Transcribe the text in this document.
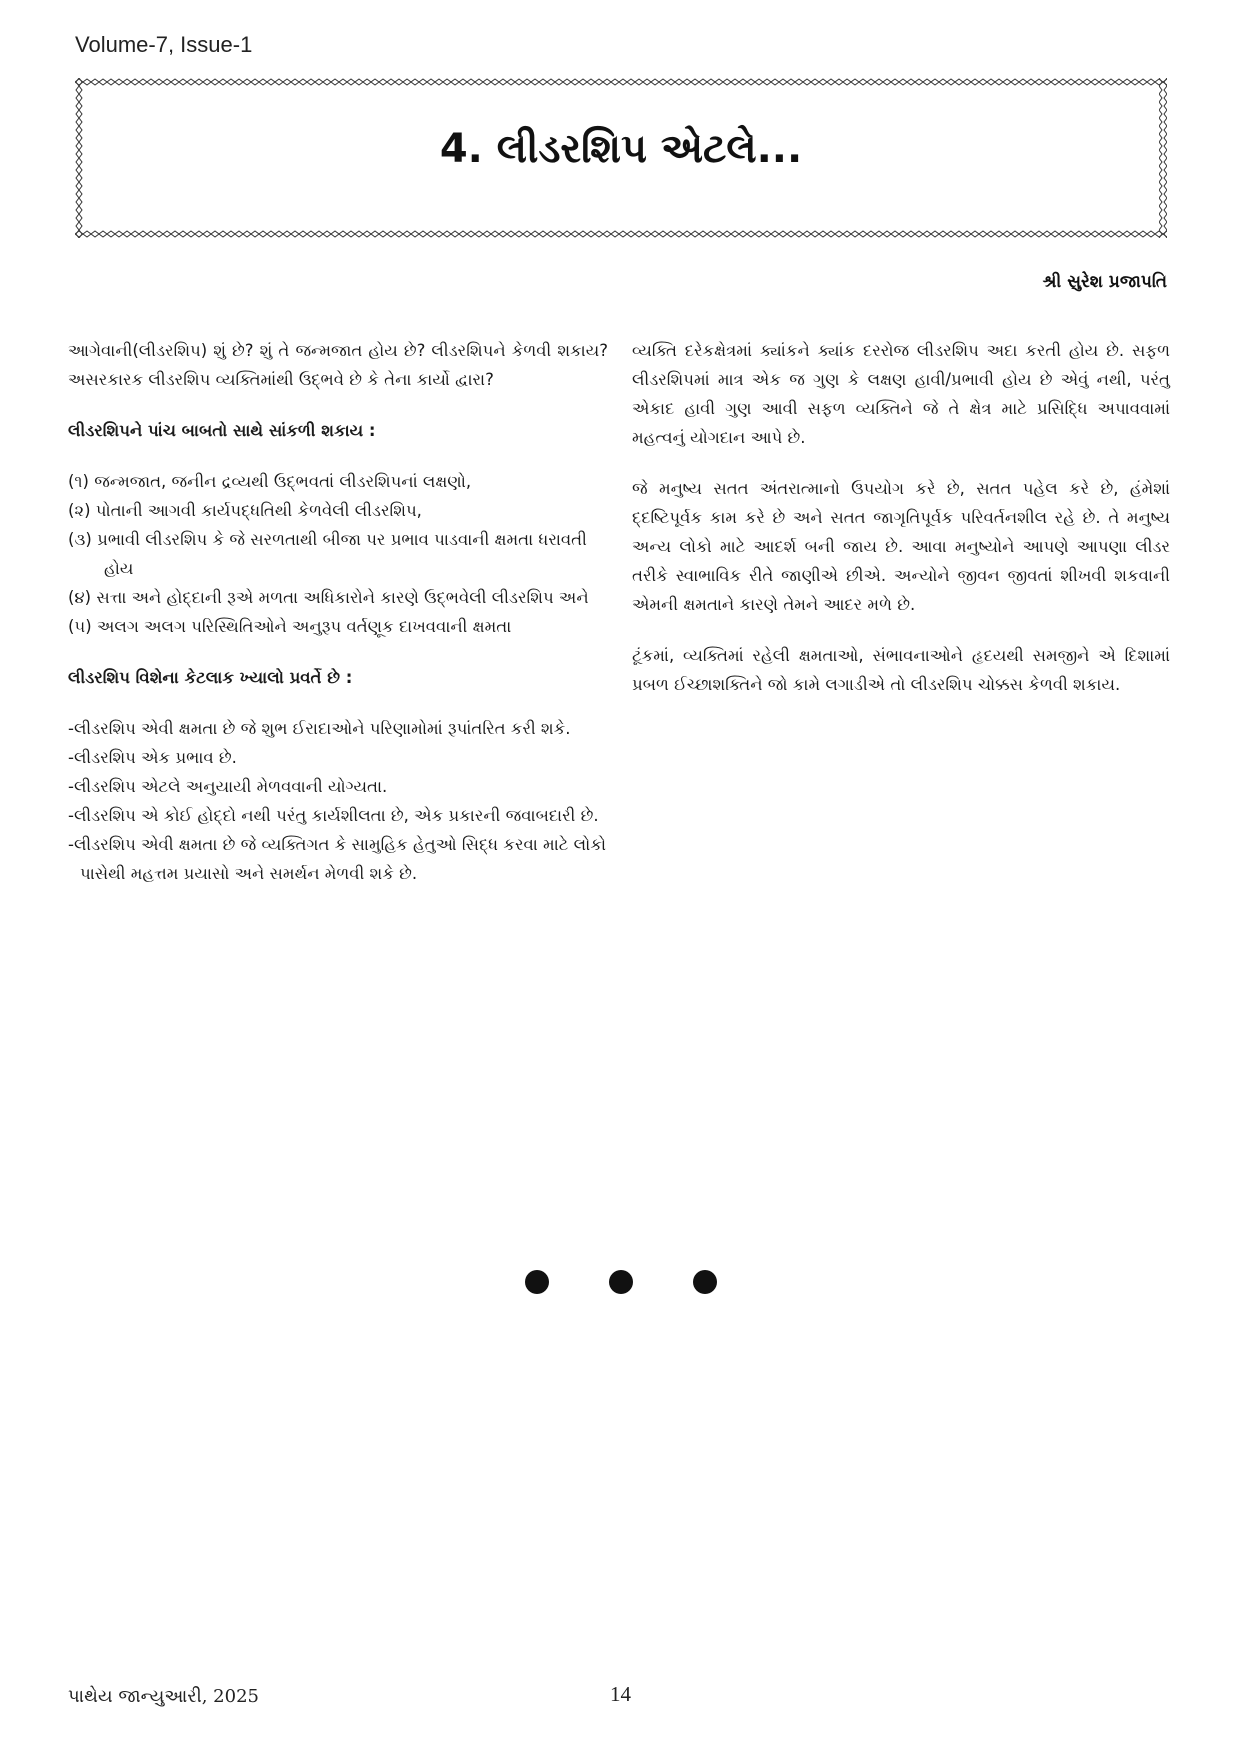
Volume-7, Issue-1
4. લીડરશિપ એટલે...
શ્રી સુરેશ પ્રજાપતિ

આગેવાની(લીડરશિપ) શું છે? શું તે જન્મજાત હોય છે? લીડરશિપને કેળવી શકાય? અસરકારક લીડરશિપ વ્યક્તિમાંથી ઉદ્ભવે છે કે તેના કાર્યો દ્વારા?

લીડરશિપને પાંચ બાબતો સાથે સાંકળી શકાય :
(૧) જન્મજાત, જનીન દ્રવ્યથી ઉદ્ભવતાં લીડરશિપનાં લક્ષણો,
(૨) પોતાની આગવી કાર્યપદ્ધતિથી કેળવેલી લીડરશિપ,
(૩) પ્રભાવી લીડરશિપ કે જે સરળતાથી બીજા પર પ્રભાવ પાડવાની ક્ષમતા ધરાવતી હોય
(૪) સત્તા અને હોદ્દાની રૂએ મળતા અધિકારોને કારણે ઉદ્ભવેલી લીડરશિપ અને
(૫) અલગ અલગ પરિસ્થિતિઓને અનુરૂપ વર્તણૂક દાખવવાની ક્ષમતા
લીડરશિપ વિશેના કેટલાક ખ્યાલો પ્રવર્તે છે :
-લીડરશિપ એવી ક્ષમતા છે જે શુભ ઈરાદાઓને પરિણામોમાં રૂપાંતરિત કરી શકે.
-લીડરશિપ એક પ્રભાવ છે.
-લીડરશિપ એટલે અનુયાયી મેળવવાની યોગ્યતા.
-લીડરશિપ એ કોઈ હોદ્દો નથી પરંતુ કાર્યશીલતા છે, એક પ્રકારની જવાબદારી છે.
-લીડરશિપ એવી ક્ષમતા છે જે વ્યક્તિગત કે સામુહિક હેતુઓ સિદ્ધ કરવા માટે લોકો પાસેથી મહત્તમ પ્રયાસો અને સમર્થન મેળવી શકે છે.

વ્યક્તિ દરેકક્ષેત્રમાં ક્યાંકને ક્યાંક દરરોજ લીડરશિપ અદા કરતી હોય છે. સફળ લીડરશિપમાં માત્ર એક જ ગુણ કે લક્ષણ હાવી/પ્રભાવી હોય છે એવું નથી, પરંતુ એકાદ હાવી ગુણ આવી સફળ વ્યક્તિને જે તે ક્ષેત્ર માટે પ્રસિદ્ધિ અપાવવામાં મહત્વનું યોગદાન આપે છે.

જે મનુષ્ય સતત અંતરાત્માનો ઉપયોગ કરે છે, સતત પહેલ કરે છે, હંમેશાં દ્દષ્ટિપૂર્વક કામ કરે છે અને સતત જાગૃતિપૂર્વક પરિવર્તનશીલ રહે છે. તે મનુષ્ય અન્ય લોકો માટે આદર્શ બની જાય છે. આવા મનુષ્યોને આપણે આપણા લીડર તરીકે સ્વાભાવિક રીતે જાણીએ છીએ. અન્યોને જીવન જીવતાં શીખવી શકવાની એમની ક્ષમતાને કારણે તેમને આદર મળે છે.

ટૂંકમાં, વ્યક્તિમાં રહેલી ક્ષમતાઓ, સંભાવનાઓને હૃદયથી સમજીને એ દિશામાં પ્રબળ ઈચ્છાશક્તિને જો કામે લગાડીએ તો લીડરશિપ ચોક્કસ કેળવી શકાય.

પાથેય જાન્યુઆરી, 2025	14
